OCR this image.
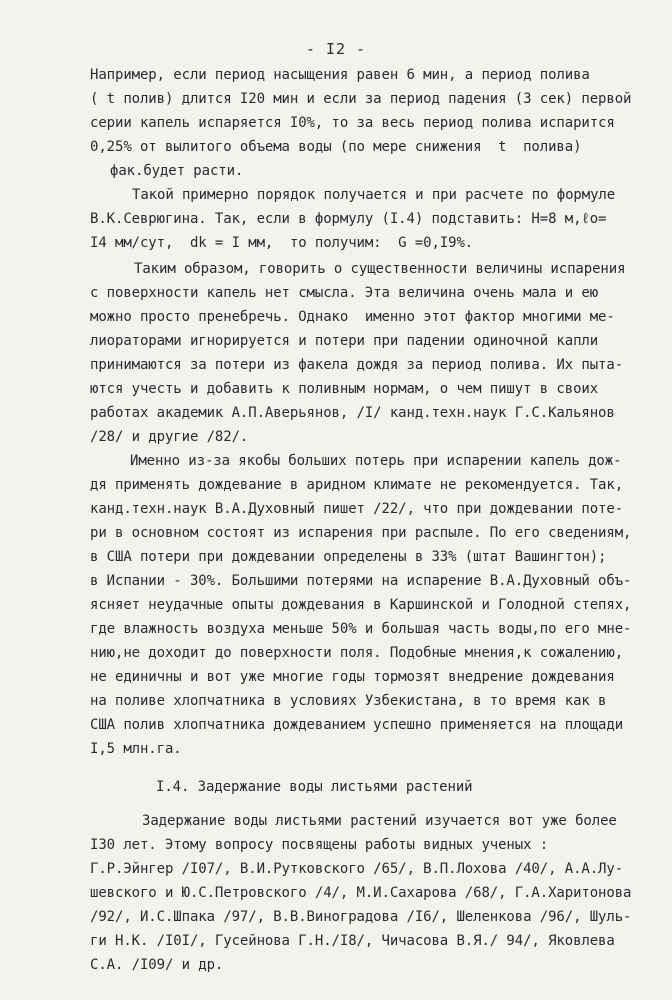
- I2 -
Например, если период насыщения равен 6 мин, а период полива
( t полив) длится I20 мин и если за период падения (3 сек) первой
серии капель испаряется I0%, то за весь период полива испарится
0,25% от вылитого объема воды (по мере снижения  t  полива)
фак.будет расти.
Такой примерно порядок получается и при расчете по формуле
В.К.Севрюгина. Так, если в формулу (I.4) подставить: Н=8 м,ℓo=
I4 мм/сут,  dk = I мм,  то получим:  G =0,I9%.
Таким образом, говорить о существенности величины испарения
с поверхности капель нет смысла. Эта величина очень мала и ею
можно просто пренебречь. Однако  именно этот фактор многими ме-
лиораторами игнорируется и потери при падении одиночной капли
принимаются за потери из факела дождя за период полива. Их пыта-
ются учесть и добавить к поливным нормам, о чем пишут в своих
работах академик А.П.Аверьянов, /I/ канд.техн.наук Г.С.Кальянов
/28/ и другие /82/.
Именно из-за якобы больших потерь при испарении капель дож-
дя применять дождевание в аридном климате не рекомендуется. Так,
канд.техн.наук В.А.Духовный пишет /22/, что при дождевании поте-
ри в основном состоят из испарения при распыле. По его сведениям,
в США потери при дождевании определены в 33% (штат Вашингтон);
в Испании - 30%. Большими потерями на испарение В.А.Духовный объ-
ясняет неудачные опыты дождевания в Каршинской и Голодной степях,
где влажность воздуха меньше 50% и большая часть воды,по его мне-
нию,не доходит до поверхности поля. Подобные мнения,к сожалению,
не единичны и вот уже многие годы тормозят внедрение дождевания
на поливе хлопчатника в условиях Узбекистана, в то время как в
США полив хлопчатника дождеванием успешно применяется на площади
I,5 млн.га.
I.4. Задержание воды листьями растений
Задержание воды листьями растений изучается вот уже более
I30 лет. Этому вопросу посвящены работы видных ученых :
Г.Р.Эйнгер /I07/, В.И.Рутковского /65/, В.П.Лохова /40/, А.А.Лу-
шевского и Ю.С.Петровского /4/, М.И.Сахарова /68/, Г.А.Харитонова
/92/, И.С.Шпака /97/, В.В.Виноградова /I6/, Шеленкова /96/, Шуль-
ги Н.К. /I0I/, Гусейнова Г.Н./I8/, Чичасова В.Я./ 94/, Яковлева
С.А. /I09/ и др.
